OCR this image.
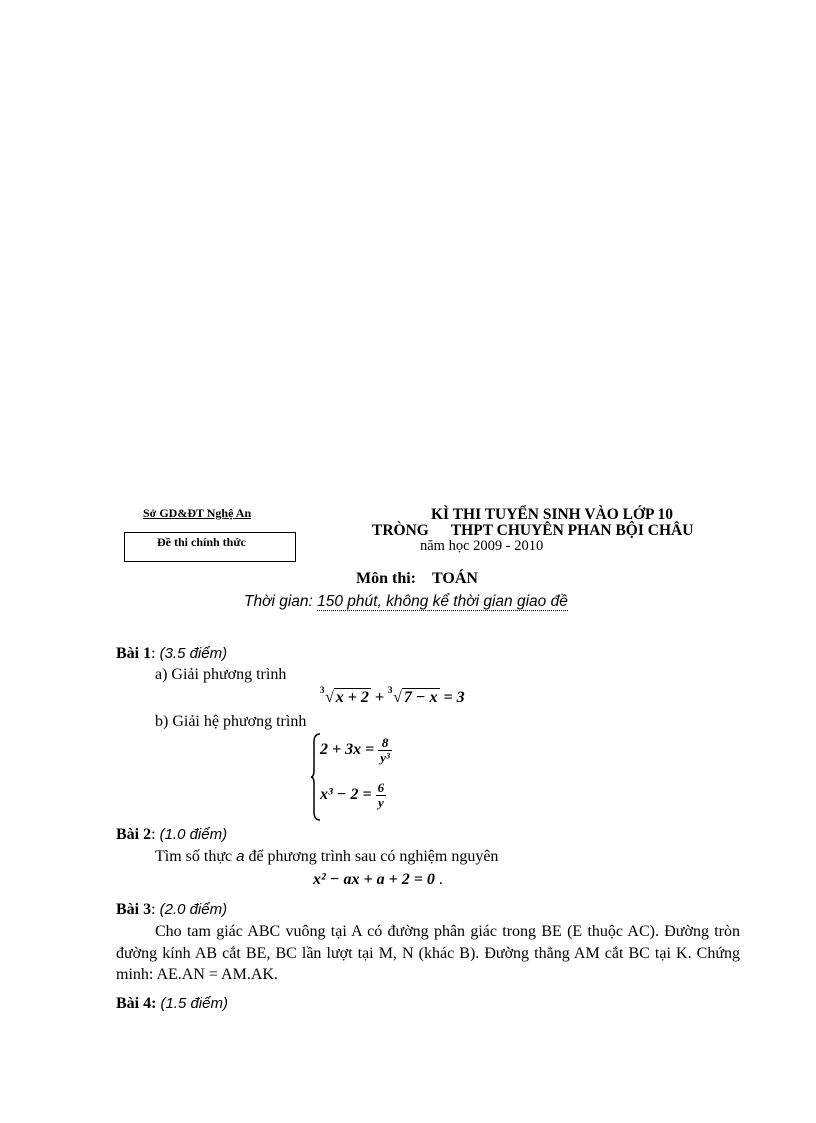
Sở GD&ĐT Nghệ An
Đề thi chính thức
KÌ THI TUYỂN SINH VÀO LỚP 10
TRÒNG THPT CHUYÊN PHAN BỘI CHÂU
năm học 2009 - 2010
Môn thi: TOÁN
Thời gian: 150 phút, không kể thời gian giao đề
Bài 1: (3.5 điểm)
a) Giải phương trình
3 √ x + 2 + 3 √ 7 − x = 3
b) Giải hệ phương trình
$2 + 3x = \frac{8}{\text{y³}}$
$x^3 - 2 = \frac{6}{y}$
Bài 2: (1.0 điểm)
Tìm số thực a để phương trình sau có nghiệm nguyên
x² − ax + a + 2 = 0 .
Bài 3: (2.0 điểm)
Cho tam giác ABC vuông tại A có đường phân giác trong BE (E thuộc AC). Đường tròn đường kính AB cắt BE, BC lần lượt tại M, N (khác B). Đường thẳng AM cắt BC tại K. Chứng minh: AE.AN = AM.AK.
Bài 4: (1.5 điểm)
